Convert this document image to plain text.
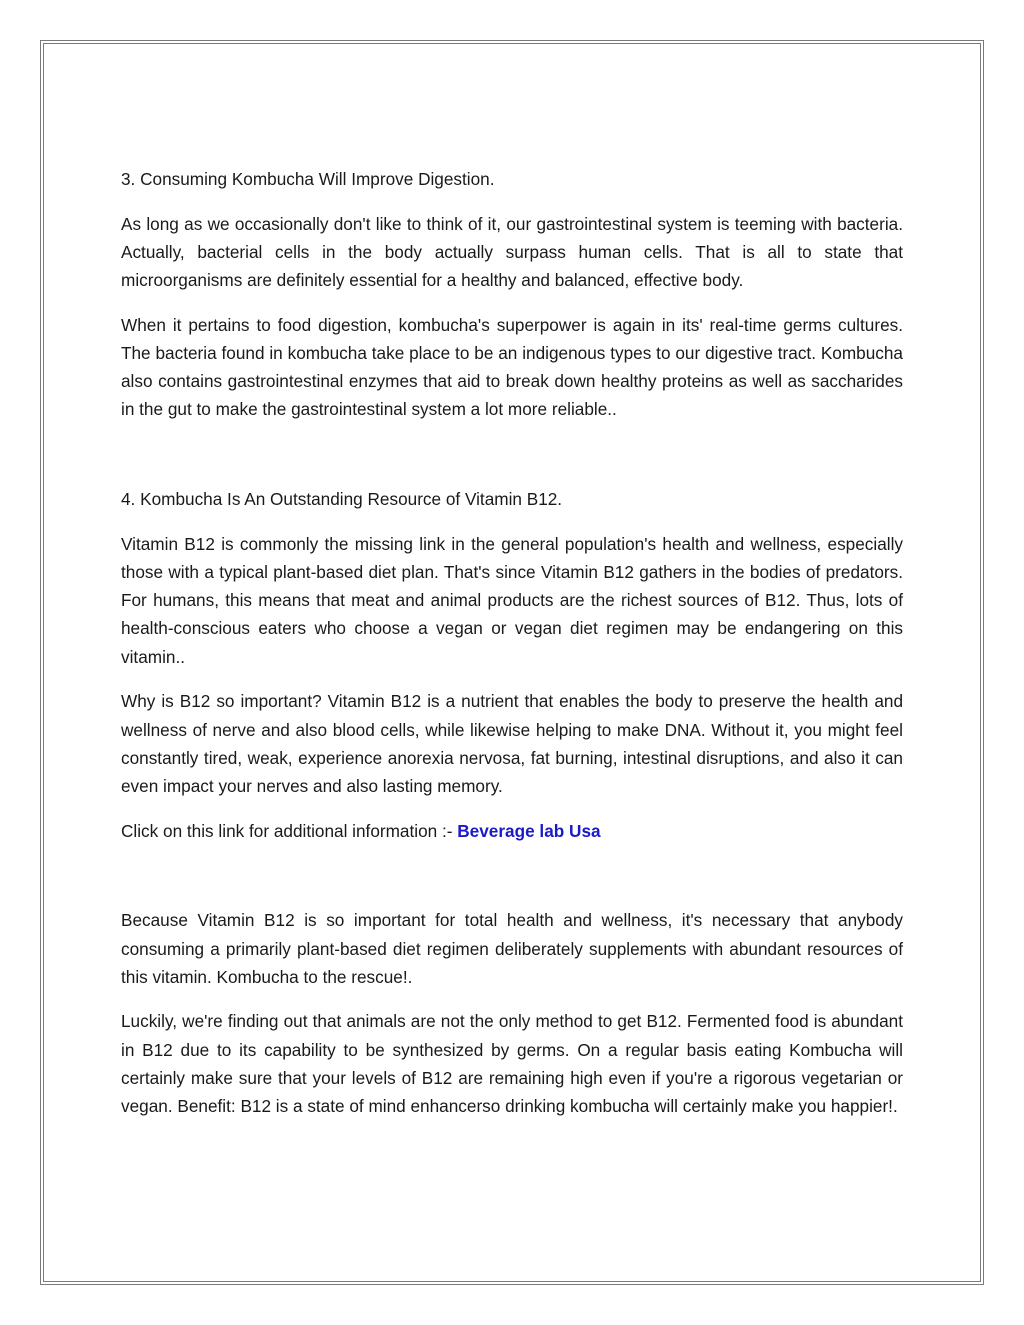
3. Consuming Kombucha Will Improve Digestion.

As long as we occasionally don't like to think of it, our gastrointestinal system is teeming with bacteria. Actually, bacterial cells in the body actually surpass human cells. That is all to state that microorganisms are definitely essential for a healthy and balanced, effective body.

When it pertains to food digestion, kombucha's superpower is again in its' real-time germs cultures. The bacteria found in kombucha take place to be an indigenous types to our digestive tract. Kombucha also contains gastrointestinal enzymes that aid to break down healthy proteins as well as saccharides in the gut to make the gastrointestinal system a lot more reliable..

4. Kombucha Is An Outstanding Resource of Vitamin B12.

Vitamin B12 is commonly the missing link in the general population's health and wellness, especially those with a typical plant-based diet plan. That's since Vitamin B12 gathers in the bodies of predators. For humans, this means that meat and animal products are the richest sources of B12. Thus, lots of health-conscious eaters who choose a vegan or vegan diet regimen may be endangering on this vitamin..

Why is B12 so important? Vitamin B12 is a nutrient that enables the body to preserve the health and wellness of nerve and also blood cells, while likewise helping to make DNA. Without it, you might feel constantly tired, weak, experience anorexia nervosa, fat burning, intestinal disruptions, and also it can even impact your nerves and also lasting memory.

Click on this link for additional information :- Beverage lab Usa

Because Vitamin B12 is so important for total health and wellness, it's necessary that anybody consuming a primarily plant-based diet regimen deliberately supplements with abundant resources of this vitamin. Kombucha to the rescue!.

Luckily, we're finding out that animals are not the only method to get B12. Fermented food is abundant in B12 due to its capability to be synthesized by germs. On a regular basis eating Kombucha will certainly make sure that your levels of B12 are remaining high even if you're a rigorous vegetarian or vegan. Benefit: B12 is a state of mind enhancerso drinking kombucha will certainly make you happier!.
